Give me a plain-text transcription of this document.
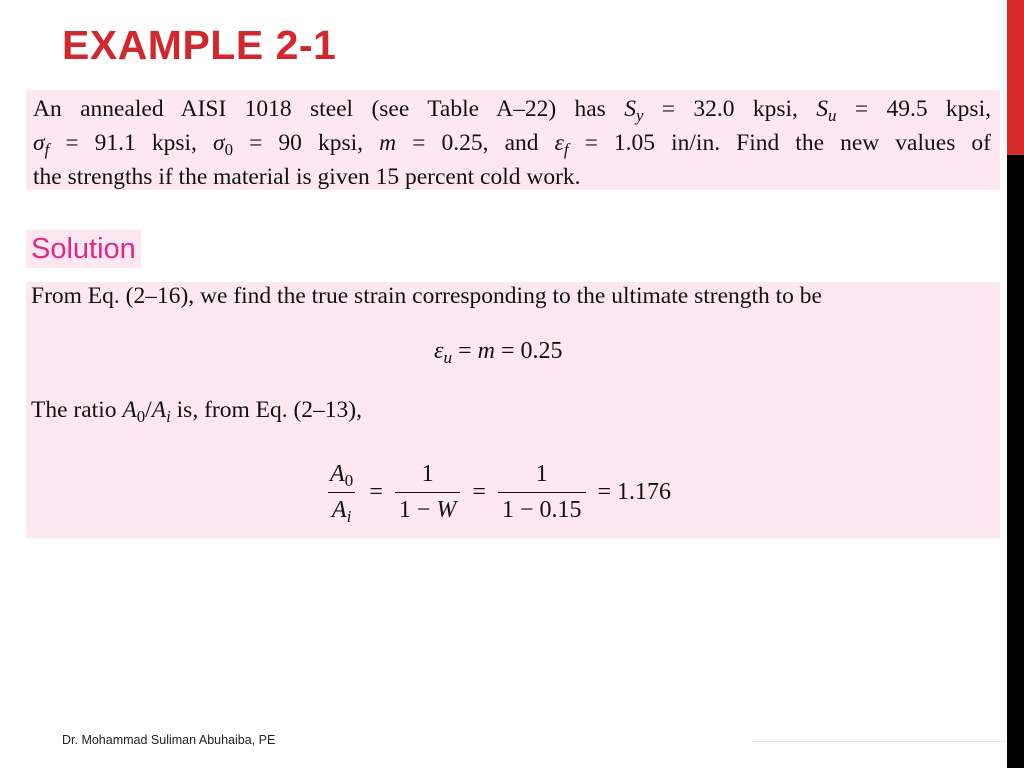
EXAMPLE 2-1

An annealed AISI 1018 steel (see Table A–22) has $S_y = 32.0$ kpsi, $S_u = 49.5$ kpsi,
$\sigma_f = 91.1$ kpsi, $\sigma_0 = 90$ kpsi, m = 0.25, and $\varepsilon_f = 1.05$ in/in. Find the new values of
the strengths if the material is given 15 percent cold work.

Solution
From Eq. (2–16), we find the true strain corresponding to the ultimate strength to be
$\varepsilon_u = m = 0.25$
The ratio $A_0/A_i$ is, from Eq. (2–13),
$\frac{A_0}{A_i} = \frac{1}{1 - W} = \frac{1}{1 - 0.15} = 1.176$
Dr. Mohammad Suliman Abuhaiba, PE
